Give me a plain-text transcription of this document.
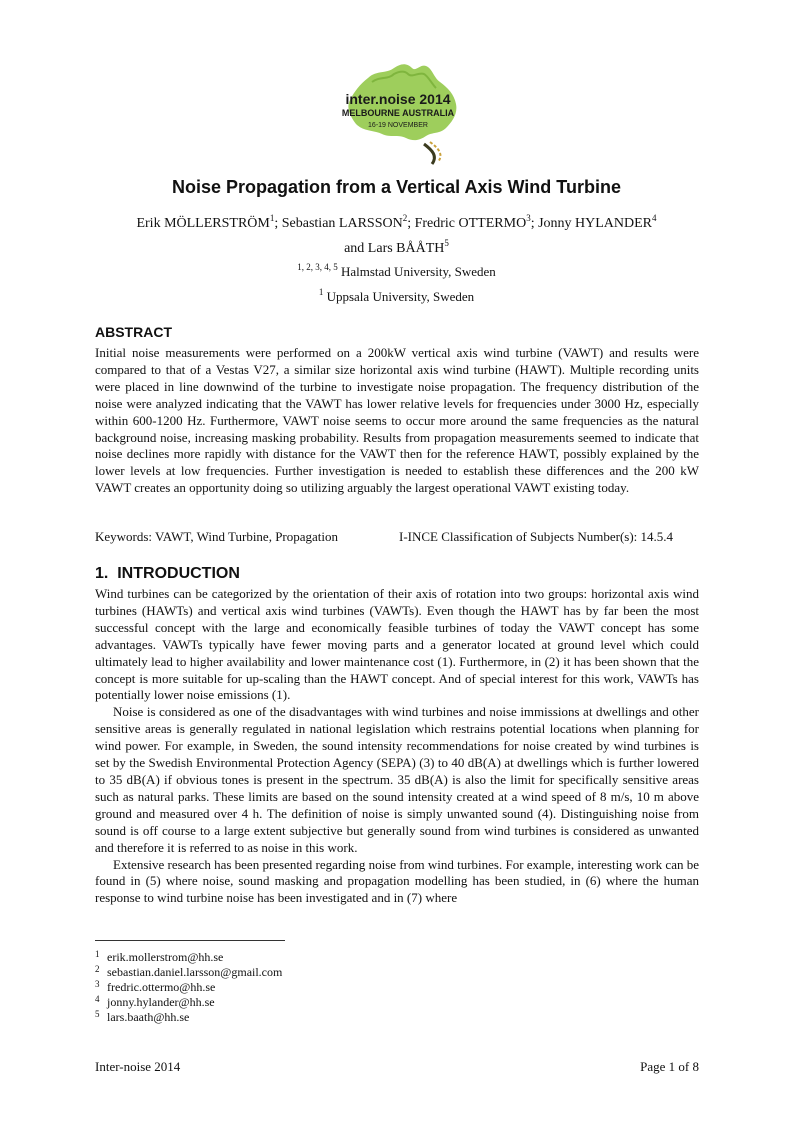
inter.noise 2014
MELBOURNE AUSTRALIA
16-19 NOVEMBER
Noise Propagation from a Vertical Axis Wind Turbine
Erik MÖLLERSTRÖM$^1$; Sebastian LARSSON$^2$; Fredric OTTERMO$^3$; Jonny HYLANDER$^4$
and Lars BÅÅTH$^5$
$^{1, 2, 3, 4, 5}$ Halmstad University, Sweden
$^1$ Uppsala University, Sweden
ABSTRACT
Initial noise measurements were performed on a 200kW vertical axis wind turbine (VAWT) and results were compared to that of a Vestas V27, a similar size horizontal axis wind turbine (HAWT). Multiple recording units were placed in line downwind of the turbine to investigate noise propagation. The frequency distribution of the noise were analyzed indicating that the VAWT has lower relative levels for frequencies under 3000 Hz, especially within 600-1200 Hz. Furthermore, VAWT noise seems to occur more around the same frequencies as the natural background noise, increasing masking probability. Results from propagation measurements seemed to indicate that noise declines more rapidly with distance for the VAWT then for the reference HAWT, possibly explained by the lower levels at low frequencies. Further investigation is needed to establish these differences and the 200 kW VAWT creates an opportunity doing so utilizing arguably the largest operational VAWT existing today.
Keywords: VAWT, Wind Turbine, Propagation	I-INCE Classification of Subjects Number(s): 14.5.4
1.  INTRODUCTION

Wind turbines can be categorized by the orientation of their axis of rotation into two groups: horizontal axis wind turbines (HAWTs) and vertical axis wind turbines (VAWTs). Even though the HAWT has by far been the most successful concept with the large and economically feasible turbines of today the VAWT concept has some advantages. VAWTs typically have fewer moving parts and a generator located at ground level which could ultimately lead to higher availability and lower maintenance cost (1). Furthermore, in (2) it has been shown that the concept is more suitable for up-scaling than the HAWT concept. And of special interest for this work, VAWTs has potentially lower noise emissions (1).

Noise is considered as one of the disadvantages with wind turbines and noise immissions at dwellings and other sensitive areas is generally regulated in national legislation which restrains potential locations when planning for wind power. For example, in Sweden, the sound intensity recommendations for noise created by wind turbines is set by the Swedish Environmental Protection Agency (SEPA) (3) to 40 dB(A) at dwellings which is further lowered to 35 dB(A) if obvious tones is present in the spectrum. 35 dB(A) is also the limit for specifically sensitive areas such as natural parks. These limits are based on the sound intensity created at a wind speed of 8 m/s, 10 m above ground and measured over 4 h. The definition of noise is simply unwanted sound (4). Distinguishing noise from sound is off course to a large extent subjective but generally sound from wind turbines is considered as unwanted and therefore it is referred to as noise in this work.

Extensive research has been presented regarding noise from wind turbines. For example, interesting work can be found in (5) where noise, sound masking and propagation modelling has been studied, in (6) where the human response to wind turbine noise has been investigated and in (7) where

1 erik.mollerstrom@hh.se
2 sebastian.daniel.larsson@gmail.com
3 fredric.ottermo@hh.se
4 jonny.hylander@hh.se
5 lars.baath@hh.se
Inter-noise 2014	Page 1 of 8
